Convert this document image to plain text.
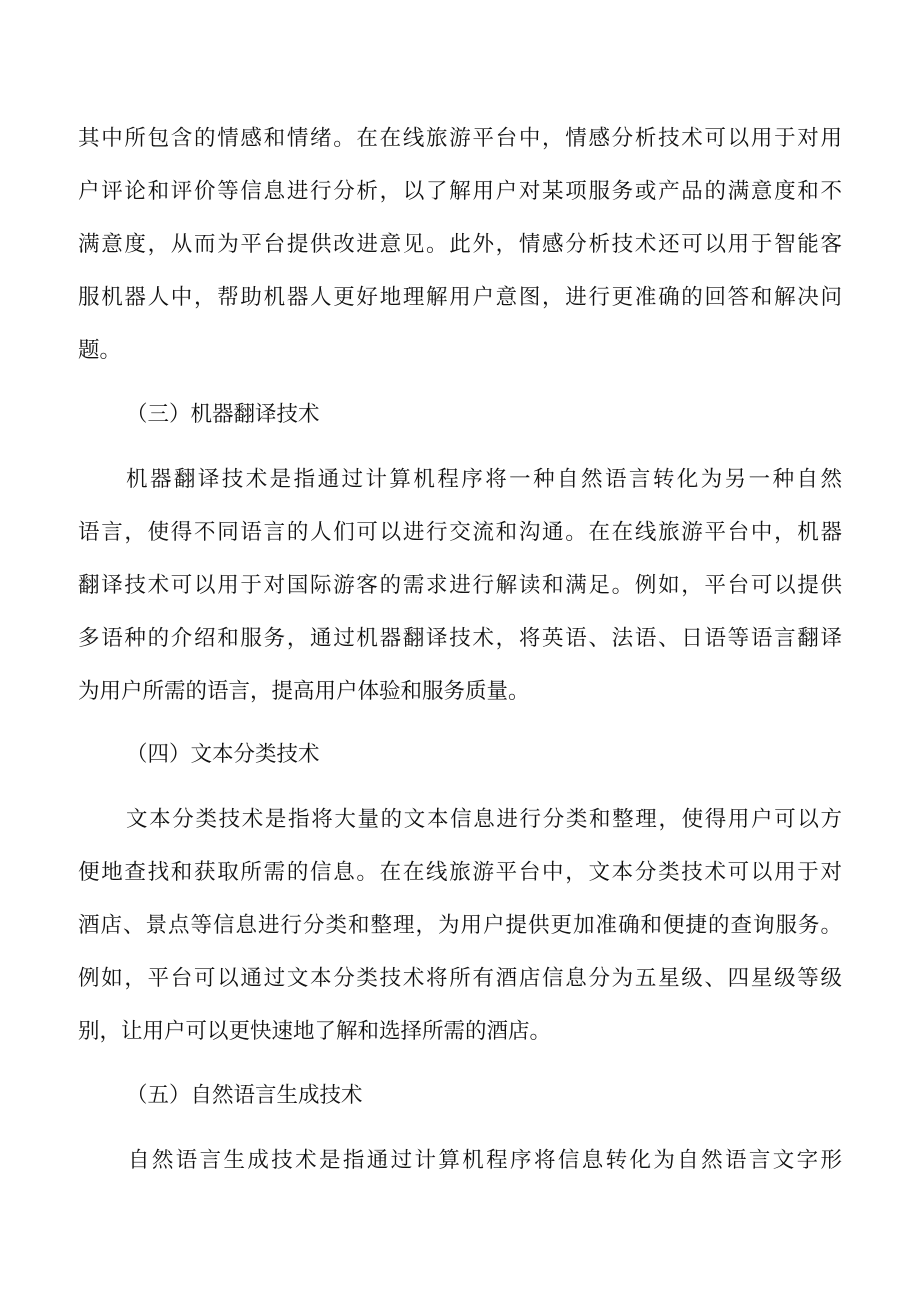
其中所包含的情感和情绪。在在线旅游平台中，情感分析技术可以用于对用
户评论和评价等信息进行分析，以了解用户对某项服务或产品的满意度和不
满意度，从而为平台提供改进意见。此外，情感分析技术还可以用于智能客
服机器人中，帮助机器人更好地理解用户意图，进行更准确的回答和解决问
题。
（三）机器翻译技术
机器翻译技术是指通过计算机程序将一种自然语言转化为另一种自然
语言，使得不同语言的人们可以进行交流和沟通。在在线旅游平台中，机器
翻译技术可以用于对国际游客的需求进行解读和满足。例如，平台可以提供
多语种的介绍和服务，通过机器翻译技术，将英语、法语、日语等语言翻译
为用户所需的语言，提高用户体验和服务质量。
（四）文本分类技术
文本分类技术是指将大量的文本信息进行分类和整理，使得用户可以方
便地查找和获取所需的信息。在在线旅游平台中，文本分类技术可以用于对
酒店、景点等信息进行分类和整理，为用户提供更加准确和便捷的查询服务。
例如，平台可以通过文本分类技术将所有酒店信息分为五星级、四星级等级
别，让用户可以更快速地了解和选择所需的酒店。
（五）自然语言生成技术
自然语言生成技术是指通过计算机程序将信息转化为自然语言文字形
